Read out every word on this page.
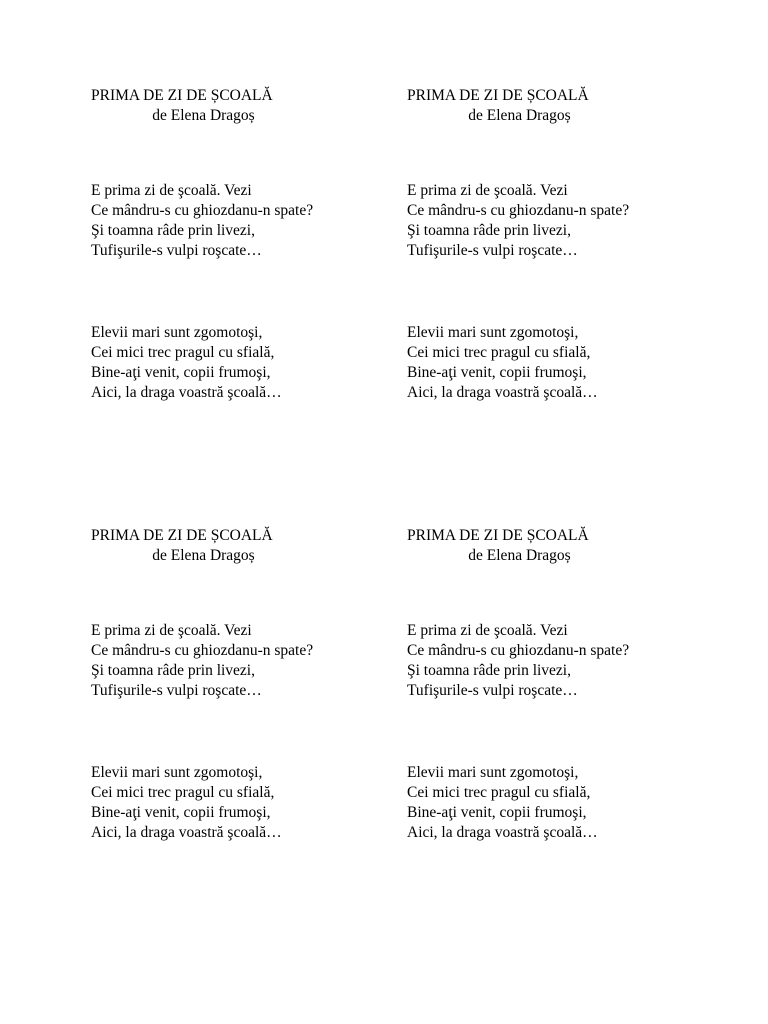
PRIMA DE ZI DE ȘCOALĂ
de Elena Dragoș
E prima zi de şcoală. Vezi
Ce mândru-s cu ghiozdanu-n spate?
Şi toamna râde prin livezi,
Tufişurile-s vulpi roşcate…
Elevii mari sunt zgomotoşi,
Cei mici trec pragul cu sfială,
Bine-aţi venit, copii frumoşi,
Aici, la draga voastră şcoală…
PRIMA DE ZI DE ȘCOALĂ
de Elena Dragoș
E prima zi de şcoală. Vezi
Ce mândru-s cu ghiozdanu-n spate?
Şi toamna râde prin livezi,
Tufişurile-s vulpi roşcate…
Elevii mari sunt zgomotoşi,
Cei mici trec pragul cu sfială,
Bine-aţi venit, copii frumoşi,
Aici, la draga voastră şcoală…
PRIMA DE ZI DE ȘCOALĂ
de Elena Dragoș
E prima zi de şcoală. Vezi
Ce mândru-s cu ghiozdanu-n spate?
Şi toamna râde prin livezi,
Tufişurile-s vulpi roşcate…
Elevii mari sunt zgomotoşi,
Cei mici trec pragul cu sfială,
Bine-aţi venit, copii frumoşi,
Aici, la draga voastră şcoală…
PRIMA DE ZI DE ȘCOALĂ
de Elena Dragoș
E prima zi de şcoală. Vezi
Ce mândru-s cu ghiozdanu-n spate?
Şi toamna râde prin livezi,
Tufişurile-s vulpi roşcate…
Elevii mari sunt zgomotoşi,
Cei mici trec pragul cu sfială,
Bine-aţi venit, copii frumoşi,
Aici, la draga voastră şcoală…
